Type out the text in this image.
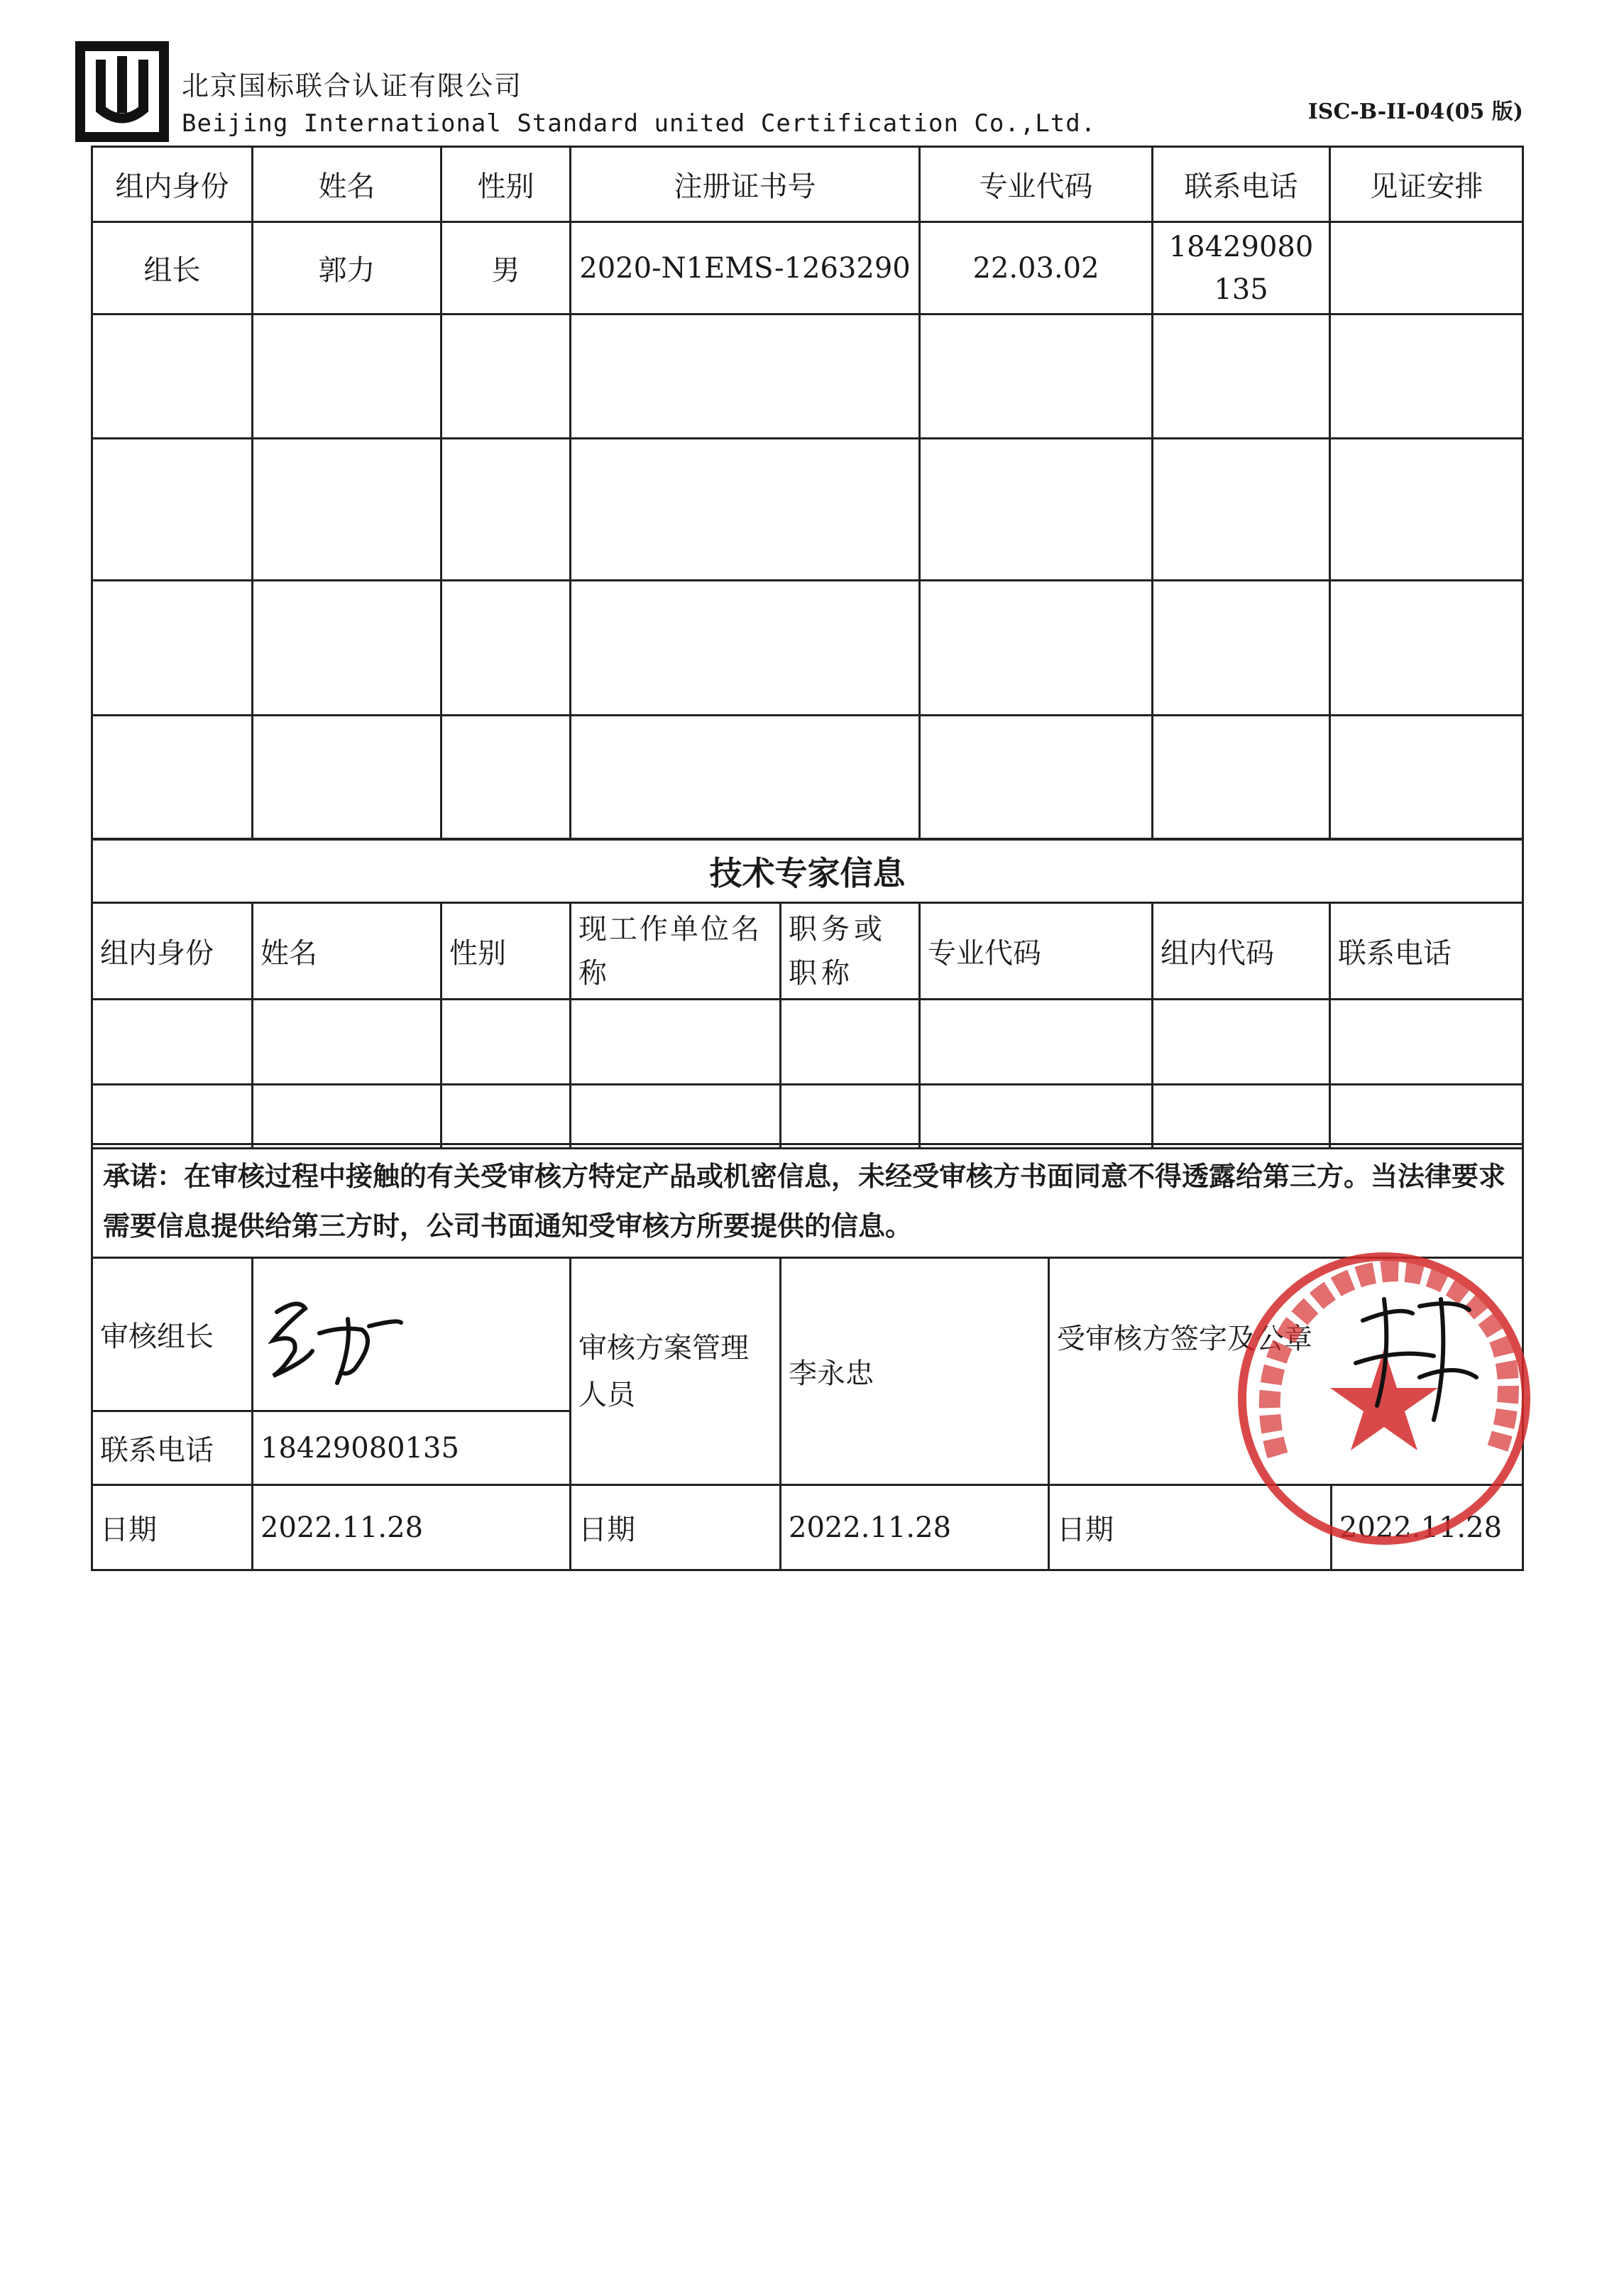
北京国标联合认证有限公司
Beijing International Standard united Certification Co.,Ltd.	ISC-B-II-04(05 版)
组内身份	姓名	性别	注册证书号	专业代码	联系电话	见证安排
组长	郭力	男	2020-N1EMS-1263290	22.03.02	18429080135	

技术专家信息							
组内身份	姓名	性别	现工作单位名称	职务或职称	专业代码	组内代码	联系电话

承诺：在审核过程中接触的有关受审核方特定产品或机密信息，未经受审核方书面同意不得透露给第三方。当法律要求需要信息提供给第三方时，公司书面通知受审核方所要提供的信息。					
审核组长		审核方案管理人员	李永忠	受审核方签字及公章	
联系电话	18429080135				
日期	2022.11.28	日期	2022.11.28	日期	2022.11.28
